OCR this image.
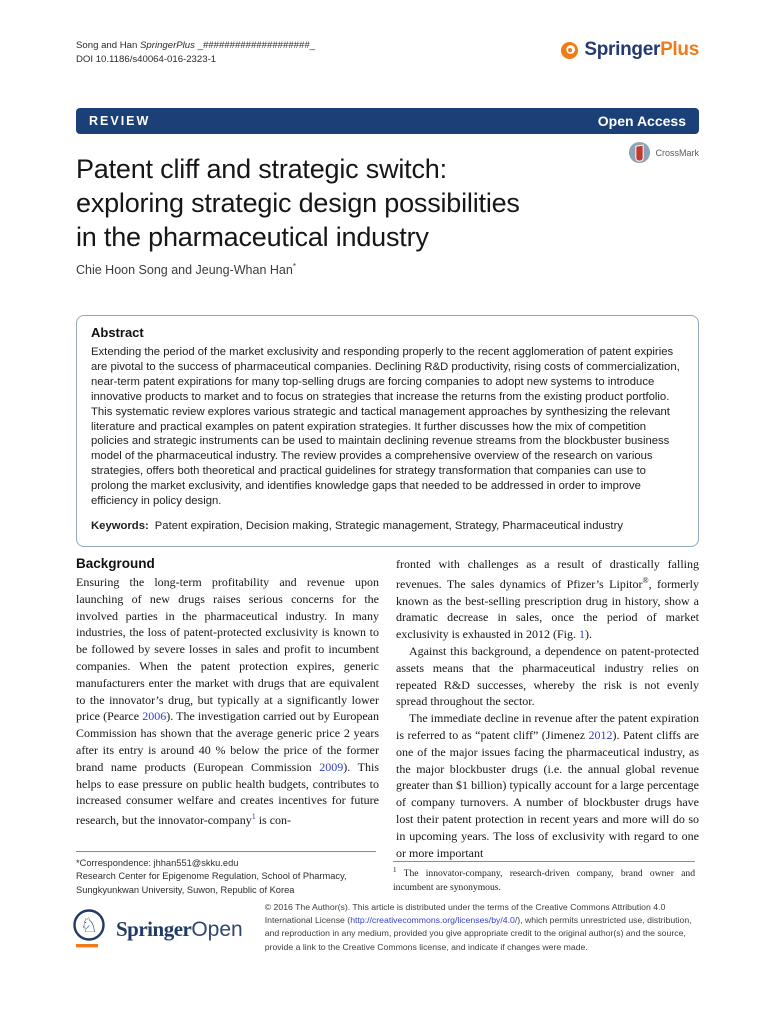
Song and Han SpringerPlus _####################_
DOI 10.1186/s40064-016-2323-1	SpringerPlus
REVIEW	Open Access
CrossMark
Patent cliff and strategic switch:
exploring strategic design possibilities
in the pharmaceutical industry
Chie Hoon Song and Jeung-Whan Han*
Abstract

Extending the period of the market exclusivity and responding properly to the recent agglomeration of patent expiries are pivotal to the success of pharmaceutical companies. Declining R&D productivity, rising costs of commercialization, near-term patent expirations for many top-selling drugs are forcing companies to adopt new systems to introduce innovative products to market and to focus on strategies that increase the returns from the existing product portfolio. This systematic review explores various strategic and tactical management approaches by synthesizing the relevant literature and practical examples on patent expiration strategies. It further discusses how the mix of competition policies and strategic instruments can be used to maintain declining revenue streams from the blockbuster business model of the pharmaceutical industry. The review provides a comprehensive overview of the research on various strategies, offers both theoretical and practical guidelines for strategy transformation that companies can use to prolong the market exclusivity, and identifies knowledge gaps that needed to be addressed in order to improve efficiency in policy design.

Keywords: Patent expiration, Decision making, Strategic management, Strategy, Pharmaceutical industry

Background

Ensuring the long-term profitability and revenue upon launching of new drugs raises serious concerns for the involved parties in the pharmaceutical industry. In many industries, the loss of patent-protected exclusivity is known to be followed by severe losses in sales and profit to incumbent companies. When the patent protection expires, generic manufacturers enter the market with drugs that are equivalent to the innovator’s drug, but typically at a significantly lower price (Pearce 2006). The investigation carried out by European Commission has shown that the average generic price 2 years after its entry is around 40 % below the price of the former brand name products (European Commission 2009). This helps to ease pressure on public health budgets, contributes to increased consumer welfare and creates incentives for future research, but the innovator-company$^1$ is con-

fronted with challenges as a result of drastically falling revenues. The sales dynamics of Pfizer’s Lipitor®, formerly known as the best-selling prescription drug in history, show a dramatic decrease in sales, once the period of market exclusivity is exhausted in 2012 (Fig. 1).

Against this background, a dependence on patent-protected assets means that the pharmaceutical industry relies on repeated R&D successes, whereby the risk is not evenly spread throughout the sector.

The immediate decline in revenue after the patent expiration is referred to as “patent cliff” (Jimenez 2012). Patent cliffs are one of the major issues facing the pharmaceutical industry, as the major blockbuster drugs (i.e. the annual global revenue greater than $1 billion) typically account for a large percentage of company turnovers. A number of blockbuster drugs have lost their patent protection in recent years and more will do so in upcoming years. The loss of exclusivity with regard to one or more important

*Correspondence: jhhan551@skku.edu
Research Center for Epigenome Regulation, School of Pharmacy,
Sungkyunkwan University, Suwon, Republic of Korea
$^1$ The innovator-company, research-driven company, brand owner and incumbent are synonymous.
♘ SpringerOpen
© 2016 The Author(s). This article is distributed under the terms of the Creative Commons Attribution 4.0 International License (http://creativecommons.org/licenses/by/4.0/), which permits unrestricted use, distribution, and reproduction in any medium, provided you give appropriate credit to the original author(s) and the source, provide a link to the Creative Commons license, and indicate if changes were made.
